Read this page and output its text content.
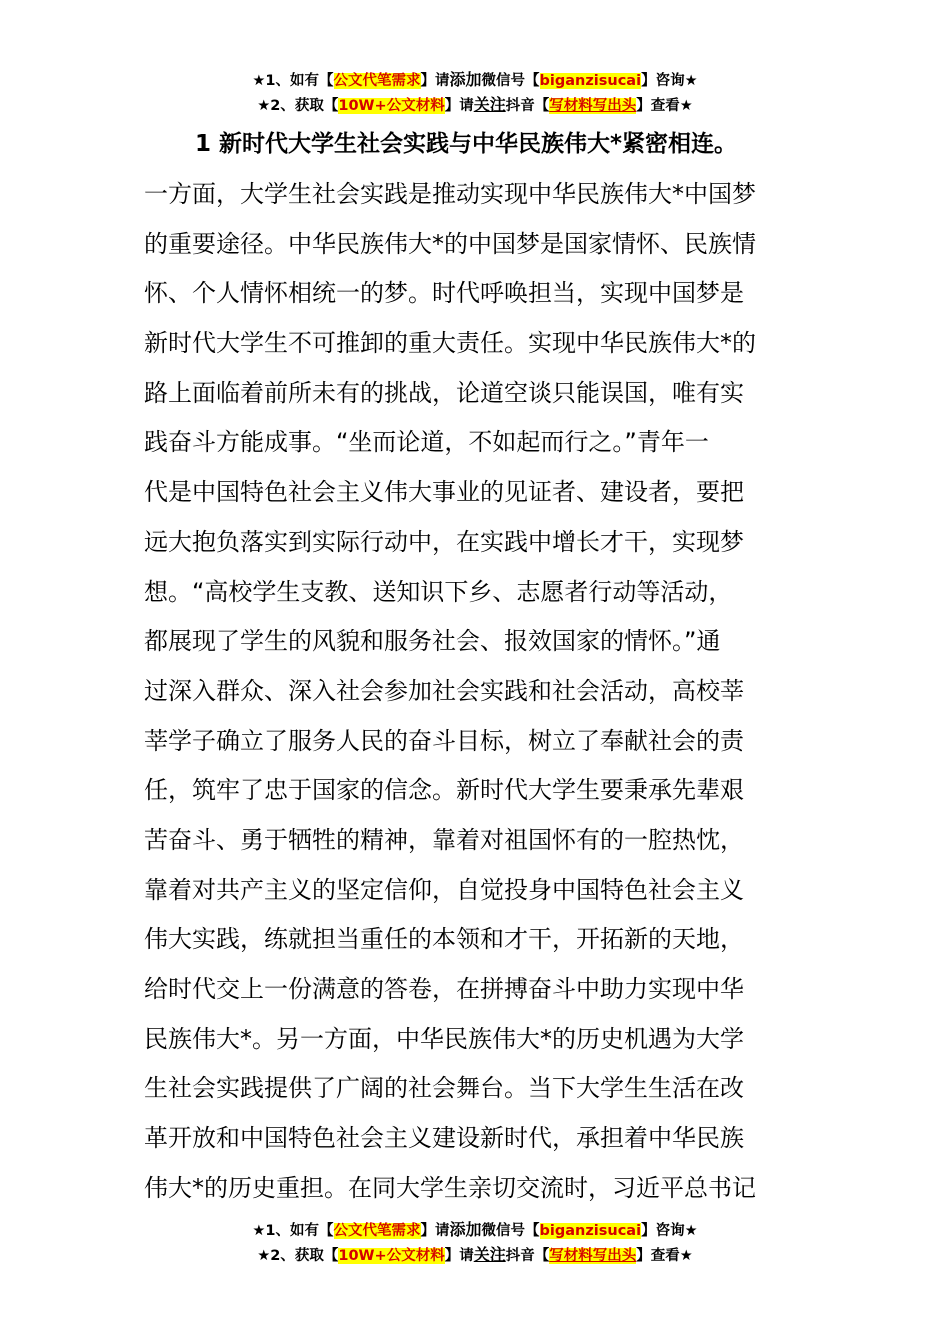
★1、如有【公文代笔需求】请添加微信号【biganzisucai】咨询★
★2、获取【10W+公文材料】请关注抖音【写材料写出头】查看★
1 新时代大学生社会实践与中华民族伟大*紧密相连。
一方面，大学生社会实践是推动实现中华民族伟大*中国梦
的重要途径。中华民族伟大*的中国梦是国家情怀、民族情
怀、个人情怀相统一的梦。时代呼唤担当，实现中国梦是
新时代大学生不可推卸的重大责任。实现中华民族伟大*的
路上面临着前所未有的挑战，论道空谈只能误国，唯有实
践奋斗方能成事。“坐而论道，不如起而行之。”青年一
代是中国特色社会主义伟大事业的见证者、建设者，要把
远大抱负落实到实际行动中，在实践中增长才干，实现梦
想。“高校学生支教、送知识下乡、志愿者行动等活动，
都展现了学生的风貌和服务社会、报效国家的情怀。”通
过深入群众、深入社会参加社会实践和社会活动，高校莘
莘学子确立了服务人民的奋斗目标，树立了奉献社会的责
任，筑牢了忠于国家的信念。新时代大学生要秉承先辈艰
苦奋斗、勇于牺牲的精神，靠着对祖国怀有的一腔热忱，
靠着对共产主义的坚定信仰，自觉投身中国特色社会主义
伟大实践，练就担当重任的本领和才干，开拓新的天地，
给时代交上一份满意的答卷，在拼搏奋斗中助力实现中华
民族伟大*。另一方面，中华民族伟大*的历史机遇为大学
生社会实践提供了广阔的社会舞台。当下大学生生活在改
革开放和中国特色社会主义建设新时代，承担着中华民族
伟大*的历史重担。在同大学生亲切交流时，习近平总书记
★1、如有【公文代笔需求】请添加微信号【biganzisucai】咨询★
★2、获取【10W+公文材料】请关注抖音【写材料写出头】查看★
